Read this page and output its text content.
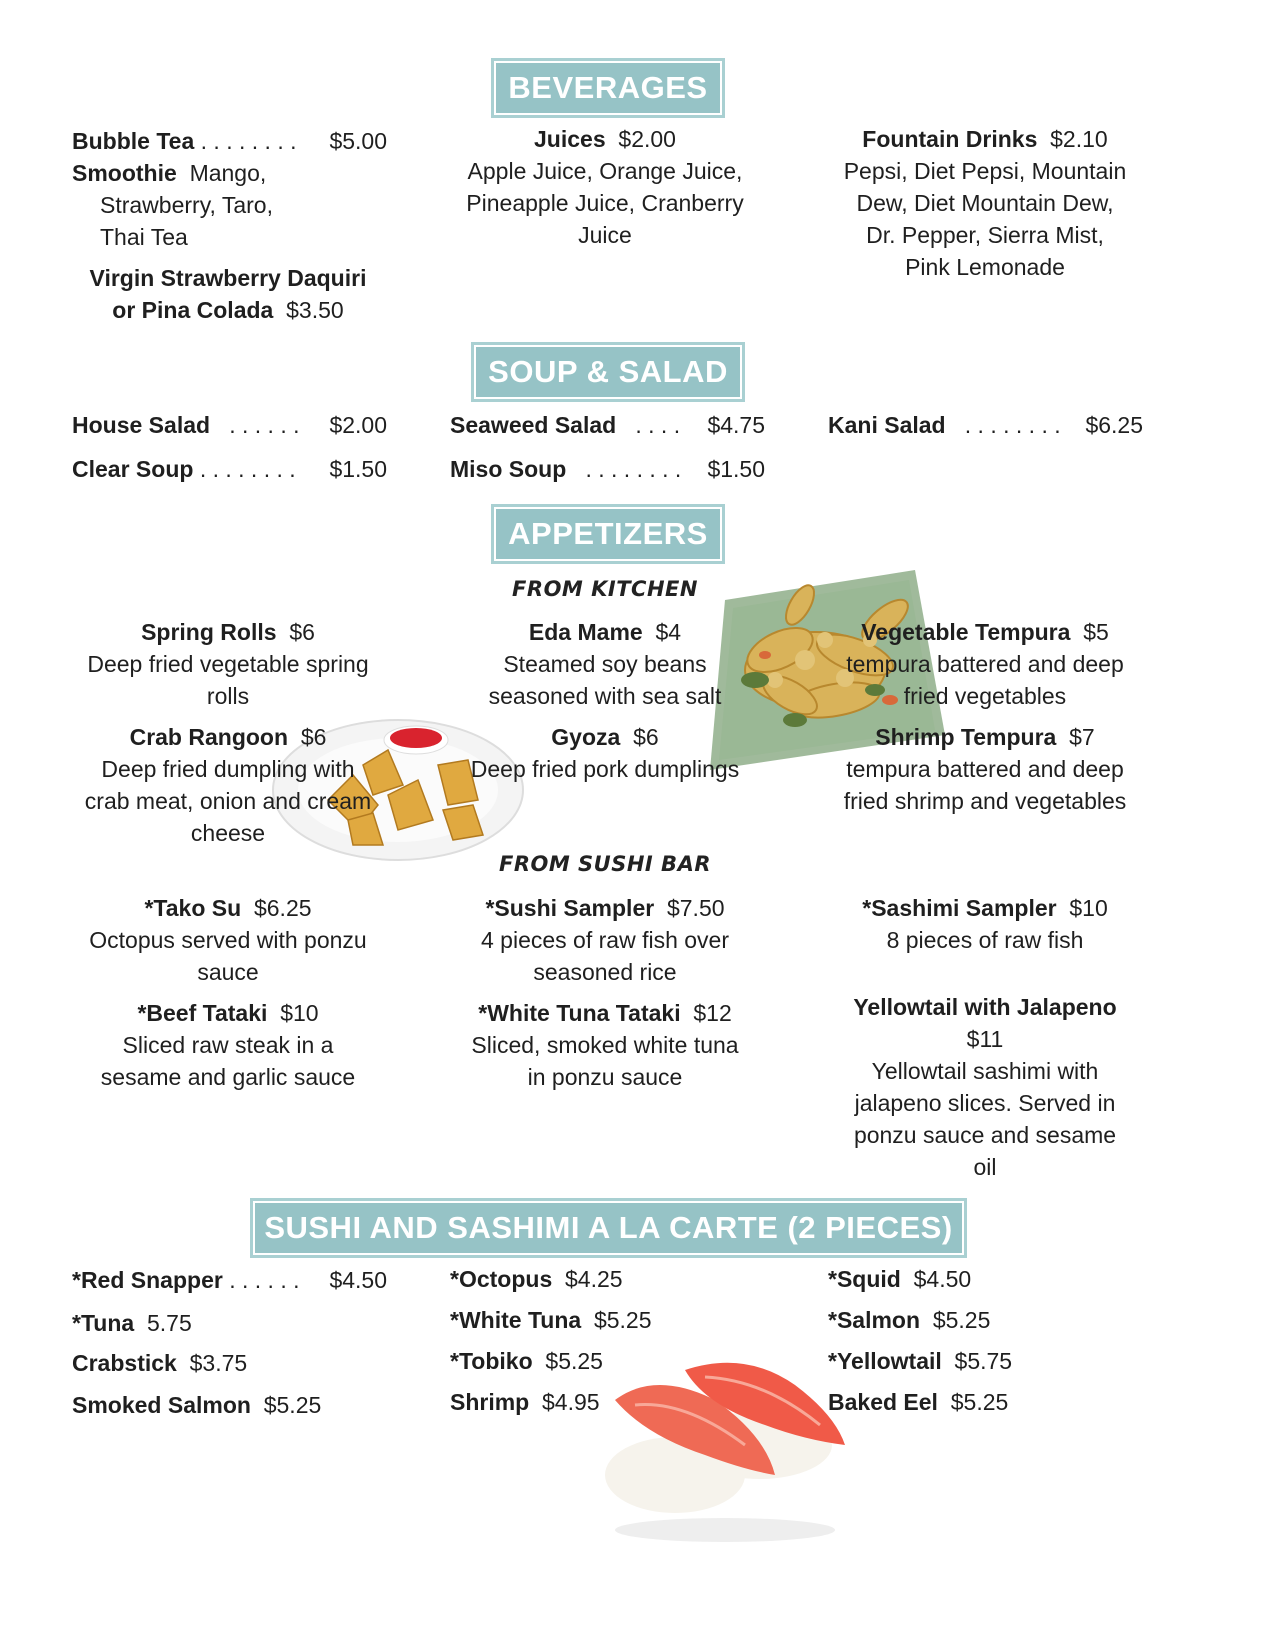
BEVERAGES
Bubble Tea . . . . . . . . $5.00
Smoothie Mango,
Strawberry, Taro,
Thai Tea
Virgin Strawberry Daquiri
or Pina Colada $3.50
Juices $2.00
Apple Juice, Orange Juice,
Pineapple Juice, Cranberry
Juice
Fountain Drinks $2.10
Pepsi, Diet Pepsi, Mountain
Dew, Diet Mountain Dew,
Dr. Pepper, Sierra Mist,
Pink Lemonade
SOUP & SALAD
House Salad . . . . . . $2.00
Clear Soup . . . . . . . . $1.50
Seaweed Salad . . . . $4.75
Miso Soup . . . . . . . . $1.50
Kani Salad . . . . . . . . $6.25
APPETIZERS
FROM KITCHEN
Spring Rolls $6
Deep fried vegetable spring
rolls
Eda Mame $4
Steamed soy beans
seasoned with sea salt
Vegetable Tempura $5
tempura battered and deep
fried vegetables
Crab Rangoon $6
Deep fried dumpling with
crab meat, onion and cream
cheese
Gyoza $6
Deep fried pork dumplings
Shrimp Tempura $7
tempura battered and deep
fried shrimp and vegetables
FROM SUSHI BAR
*Tako Su $6.25
Octopus served with ponzu
sauce
*Sushi Sampler $7.50
4 pieces of raw fish over
seasoned rice
*Sashimi Sampler $10
8 pieces of raw fish
*Beef Tataki $10
Sliced raw steak in a
sesame and garlic sauce
*White Tuna Tataki $12
Sliced, smoked white tuna
in ponzu sauce
Yellowtail with Jalapeno
$11
Yellowtail sashimi with
jalapeno slices. Served in
ponzu sauce and sesame
oil
SUSHI AND SASHIMI A LA CARTE (2 PIECES)
*Red Snapper . . . . . . $4.50
*Tuna 5.75
Crabstick $3.75
Smoked Salmon $5.25
*Octopus $4.25
*White Tuna $5.25
*Tobiko $5.25
Shrimp $4.95
*Squid $4.50
*Salmon $5.25
*Yellowtail $5.75
Baked Eel $5.25
